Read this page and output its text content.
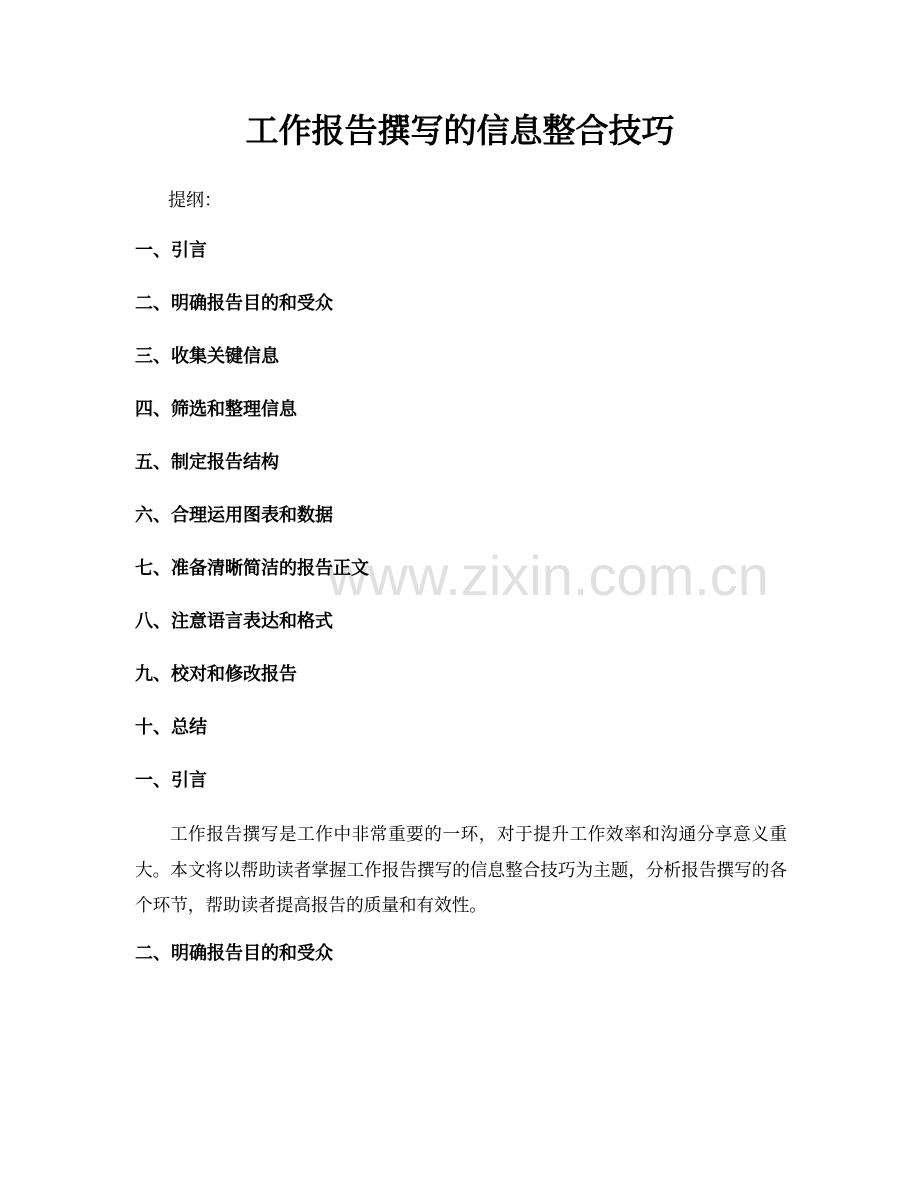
工作报告撰写的信息整合技巧

提纲：

一、引言
二、明确报告目的和受众
三、收集关键信息
四、筛选和整理信息
五、制定报告结构
六、合理运用图表和数据
七、准备清晰简洁的报告正文
八、注意语言表达和格式
九、校对和修改报告
十、总结
一、引言

工作报告撰写是工作中非常重要的一环，对于提升工作效率和沟通分享意义重大。本文将以帮助读者掌握工作报告撰写的信息整合技巧为主题，分析报告撰写的各个环节，帮助读者提高报告的质量和有效性。

二、明确报告目的和受众
www.zixin.com.cn
